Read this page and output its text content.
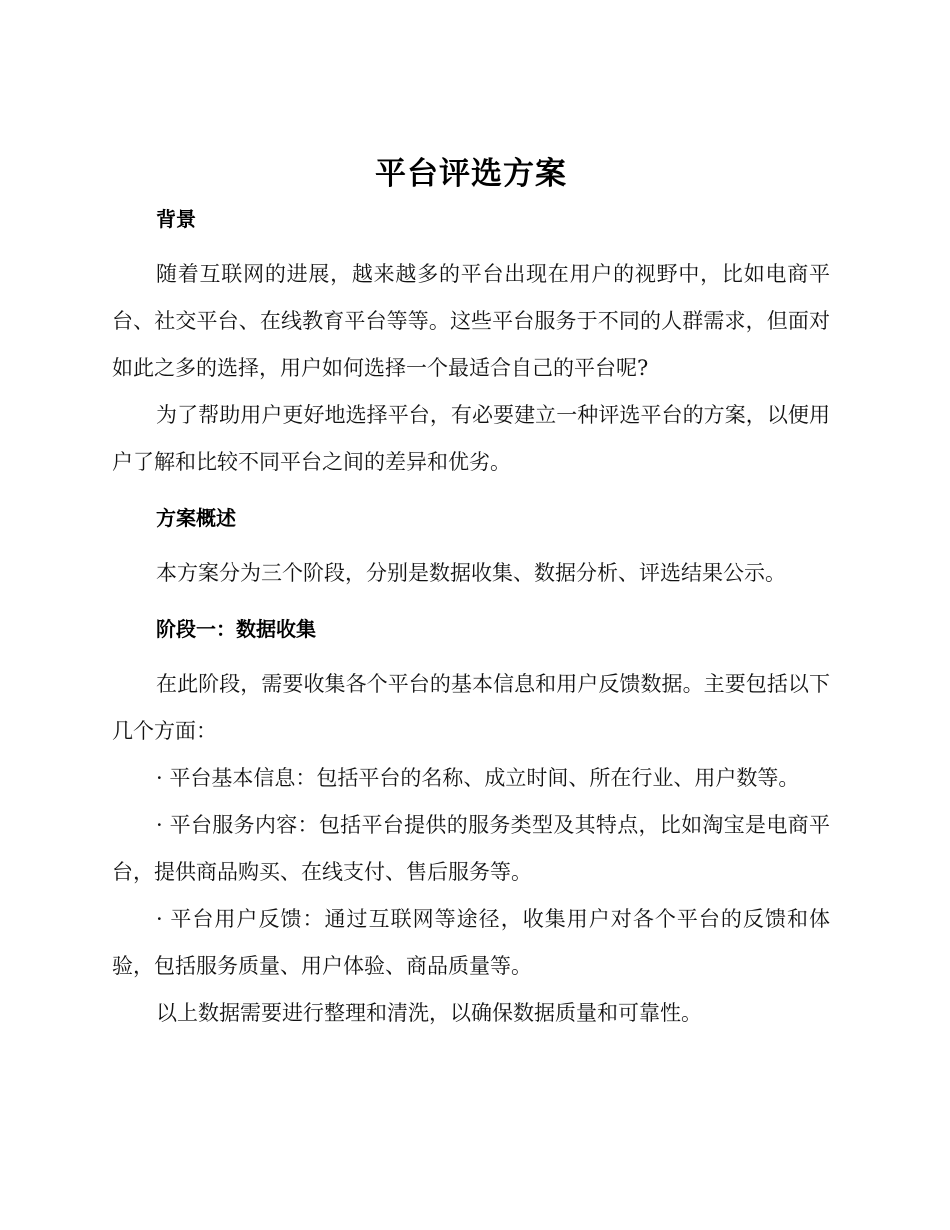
平台评选方案
背景

随着互联网的进展，越来越多的平台出现在用户的视野中，比如电商平台、社交平台、在线教育平台等等。这些平台服务于不同的人群需求，但面对如此之多的选择，用户如何选择一个最适合自己的平台呢?

为了帮助用户更好地选择平台，有必要建立一种评选平台的方案，以便用户了解和比较不同平台之间的差异和优劣。

方案概述

本方案分为三个阶段，分别是数据收集、数据分析、评选结果公示。

阶段一：数据收集

在此阶段，需要收集各个平台的基本信息和用户反馈数据。主要包括以下几个方面：

· 平台基本信息：包括平台的名称、成立时间、所在行业、用户数等。

· 平台服务内容：包括平台提供的服务类型及其特点，比如淘宝是电商平台，提供商品购买、在线支付、售后服务等。

· 平台用户反馈：通过互联网等途径，收集用户对各个平台的反馈和体验，包括服务质量、用户体验、商品质量等。

以上数据需要进行整理和清洗，以确保数据质量和可靠性。
